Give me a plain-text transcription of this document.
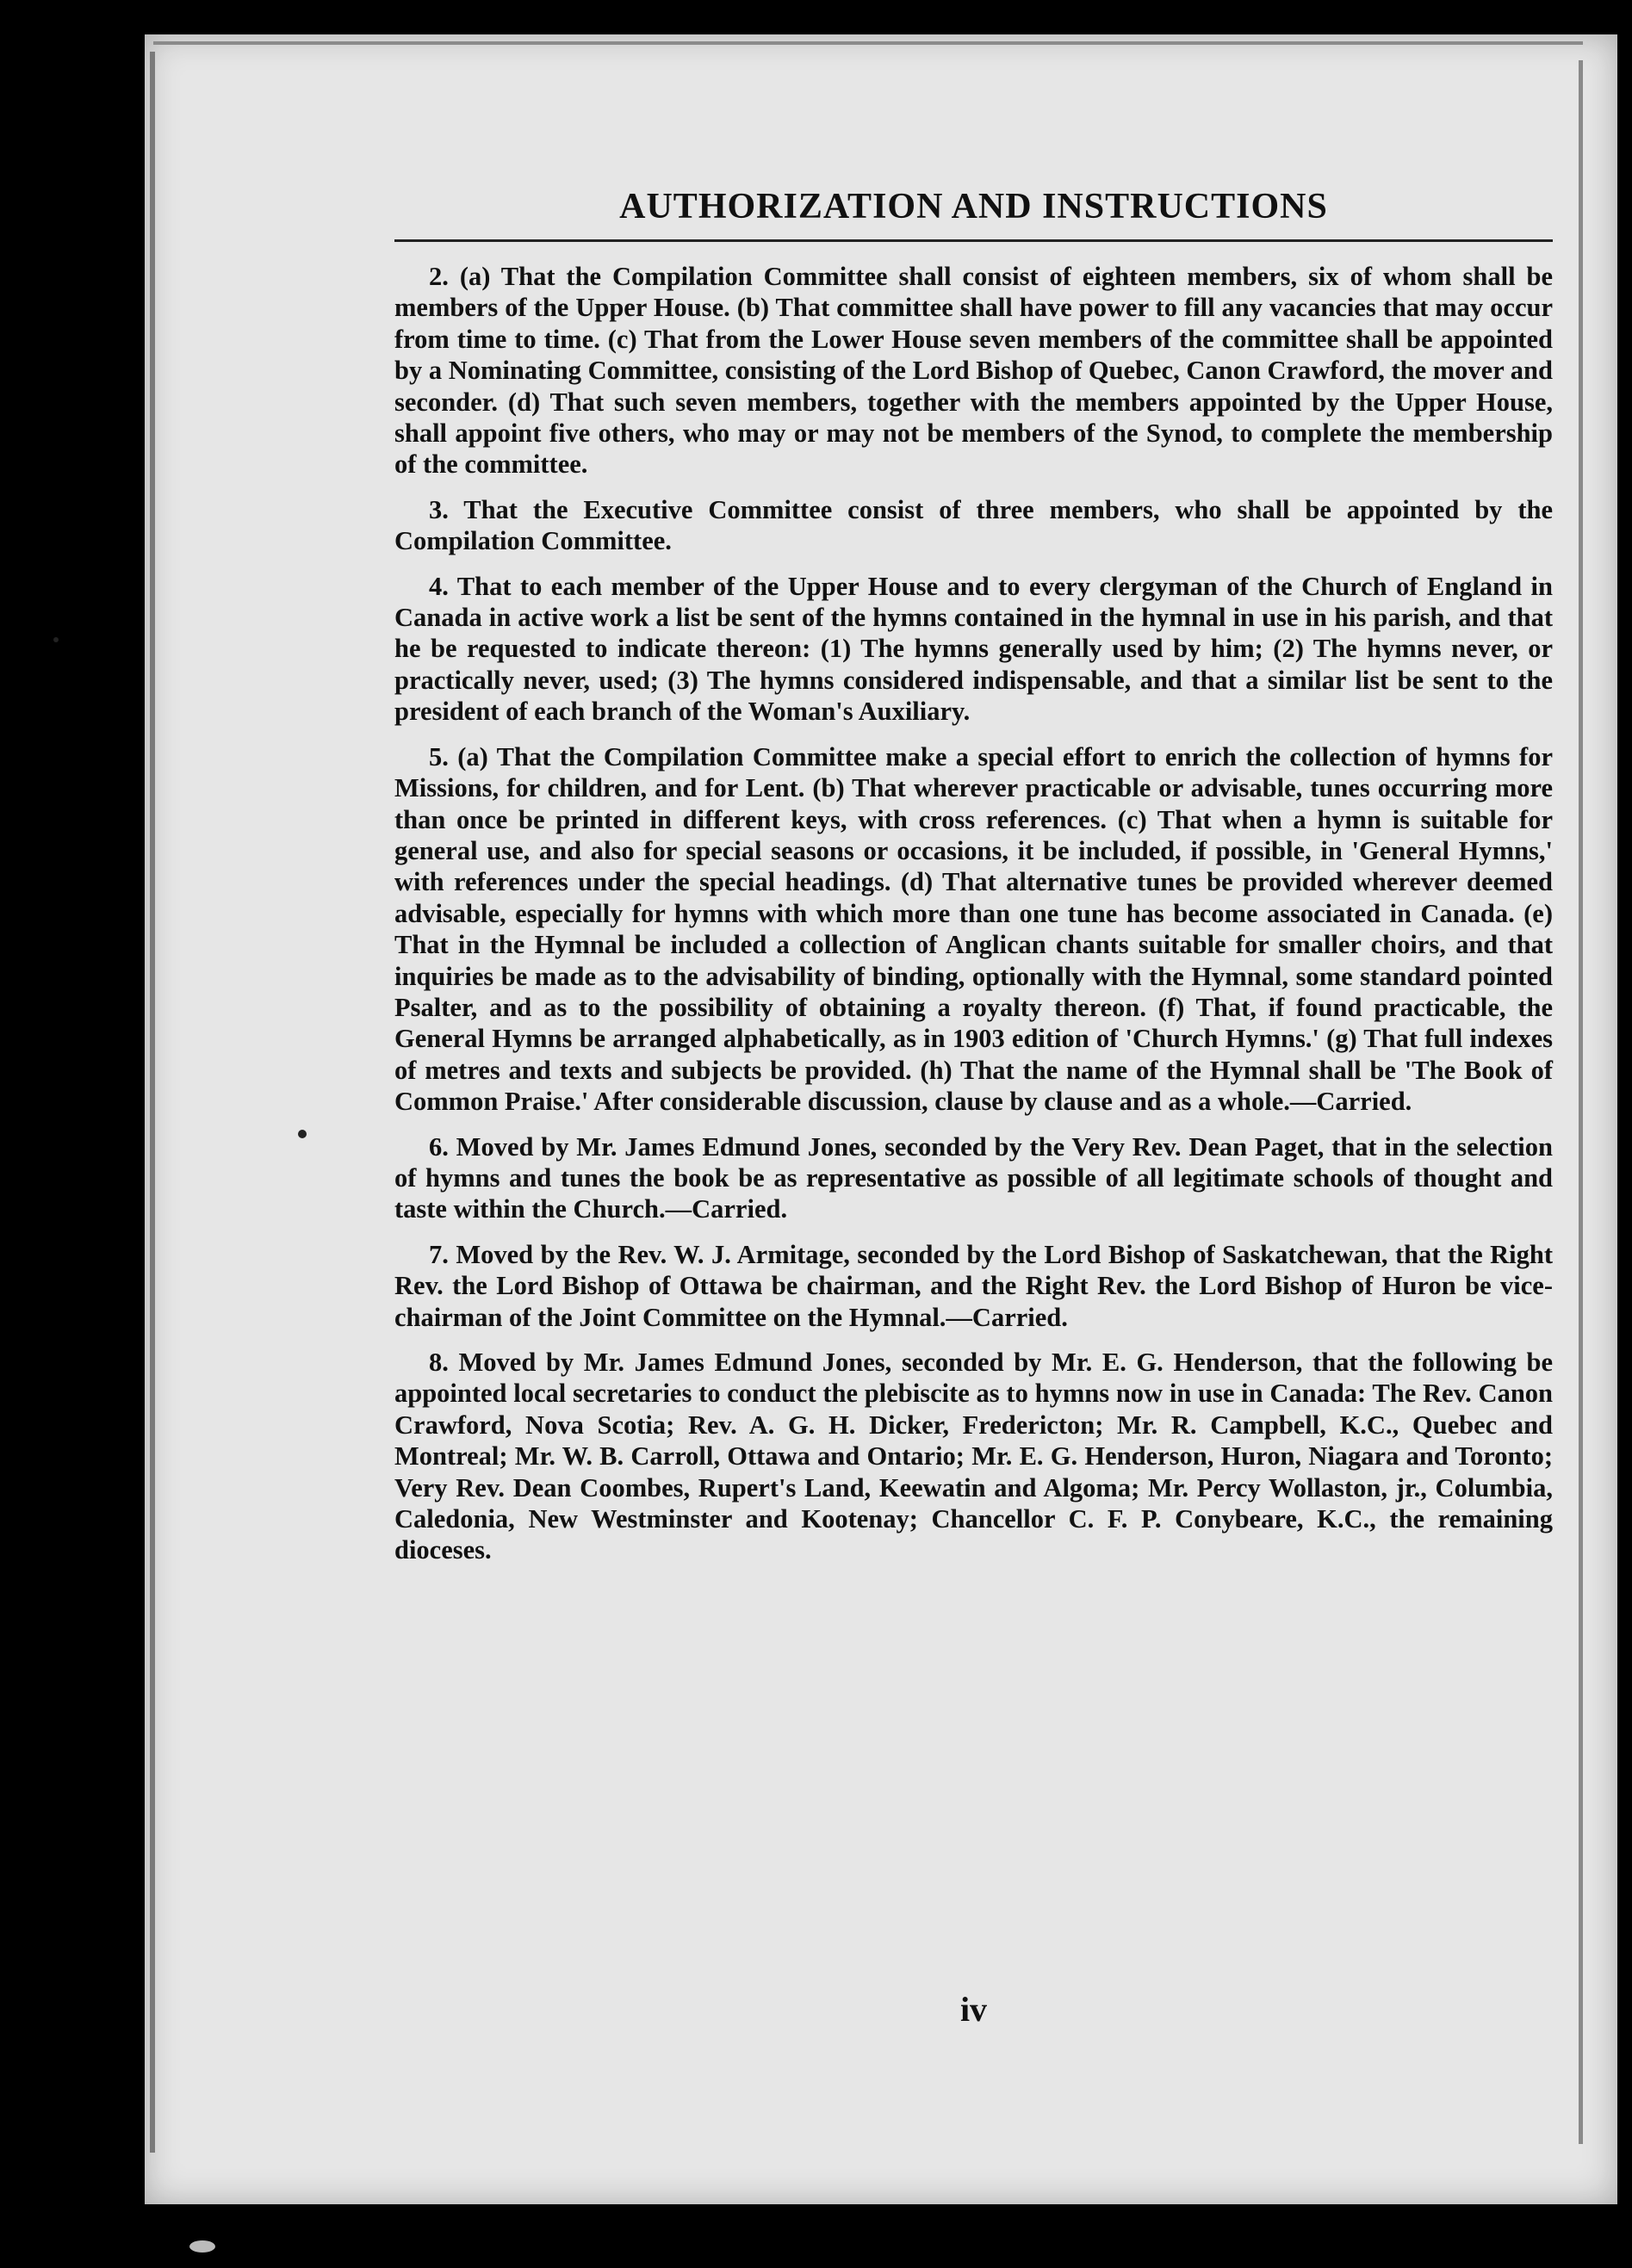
AUTHORIZATION AND INSTRUCTIONS

2. (a) That the Compilation Committee shall consist of eighteen members, six of whom shall be members of the Upper House. (b) That committee shall have power to fill any vacancies that may occur from time to time. (c) That from the Lower House seven members of the committee shall be appointed by a Nominating Committee, consisting of the Lord Bishop of Quebec, Canon Crawford, the mover and seconder. (d) That such seven members, together with the members appointed by the Upper House, shall appoint five others, who may or may not be members of the Synod, to complete the membership of the committee.

3. That the Executive Committee consist of three members, who shall be appointed by the Compilation Committee.

4. That to each member of the Upper House and to every clergyman of the Church of England in Canada in active work a list be sent of the hymns contained in the hymnal in use in his parish, and that he be requested to indicate thereon: (1) The hymns generally used by him; (2) The hymns never, or practically never, used; (3) The hymns considered indispensable, and that a similar list be sent to the president of each branch of the Woman's Auxiliary.

5. (a) That the Compilation Committee make a special effort to enrich the collection of hymns for Missions, for children, and for Lent. (b) That wherever practicable or advisable, tunes occurring more than once be printed in different keys, with cross references. (c) That when a hymn is suitable for general use, and also for special seasons or occasions, it be included, if possible, in 'General Hymns,' with references under the special headings. (d) That alternative tunes be provided wherever deemed advisable, especially for hymns with which more than one tune has become associated in Canada. (e) That in the Hymnal be included a collection of Anglican chants suitable for smaller choirs, and that inquiries be made as to the advisability of binding, optionally with the Hymnal, some standard pointed Psalter, and as to the possibility of obtaining a royalty thereon. (f) That, if found practicable, the General Hymns be arranged alphabetically, as in 1903 edition of 'Church Hymns.' (g) That full indexes of metres and texts and subjects be provided. (h) That the name of the Hymnal shall be 'The Book of Common Praise.' After considerable discussion, clause by clause and as a whole.—Carried.

6. Moved by Mr. James Edmund Jones, seconded by the Very Rev. Dean Paget, that in the selection of hymns and tunes the book be as representative as possible of all legitimate schools of thought and taste within the Church.—Carried.

7. Moved by the Rev. W. J. Armitage, seconded by the Lord Bishop of Saskatchewan, that the Right Rev. the Lord Bishop of Ottawa be chairman, and the Right Rev. the Lord Bishop of Huron be vice-chairman of the Joint Committee on the Hymnal.—Carried.

8. Moved by Mr. James Edmund Jones, seconded by Mr. E. G. Henderson, that the following be appointed local secretaries to conduct the plebiscite as to hymns now in use in Canada: The Rev. Canon Crawford, Nova Scotia; Rev. A. G. H. Dicker, Fredericton; Mr. R. Campbell, K.C., Quebec and Montreal; Mr. W. B. Carroll, Ottawa and Ontario; Mr. E. G. Henderson, Huron, Niagara and Toronto; Very Rev. Dean Coombes, Rupert's Land, Keewatin and Algoma; Mr. Percy Wollaston, jr., Columbia, Caledonia, New Westminster and Kootenay; Chancellor C. F. P. Conybeare, K.C., the remaining dioceses.

iv
